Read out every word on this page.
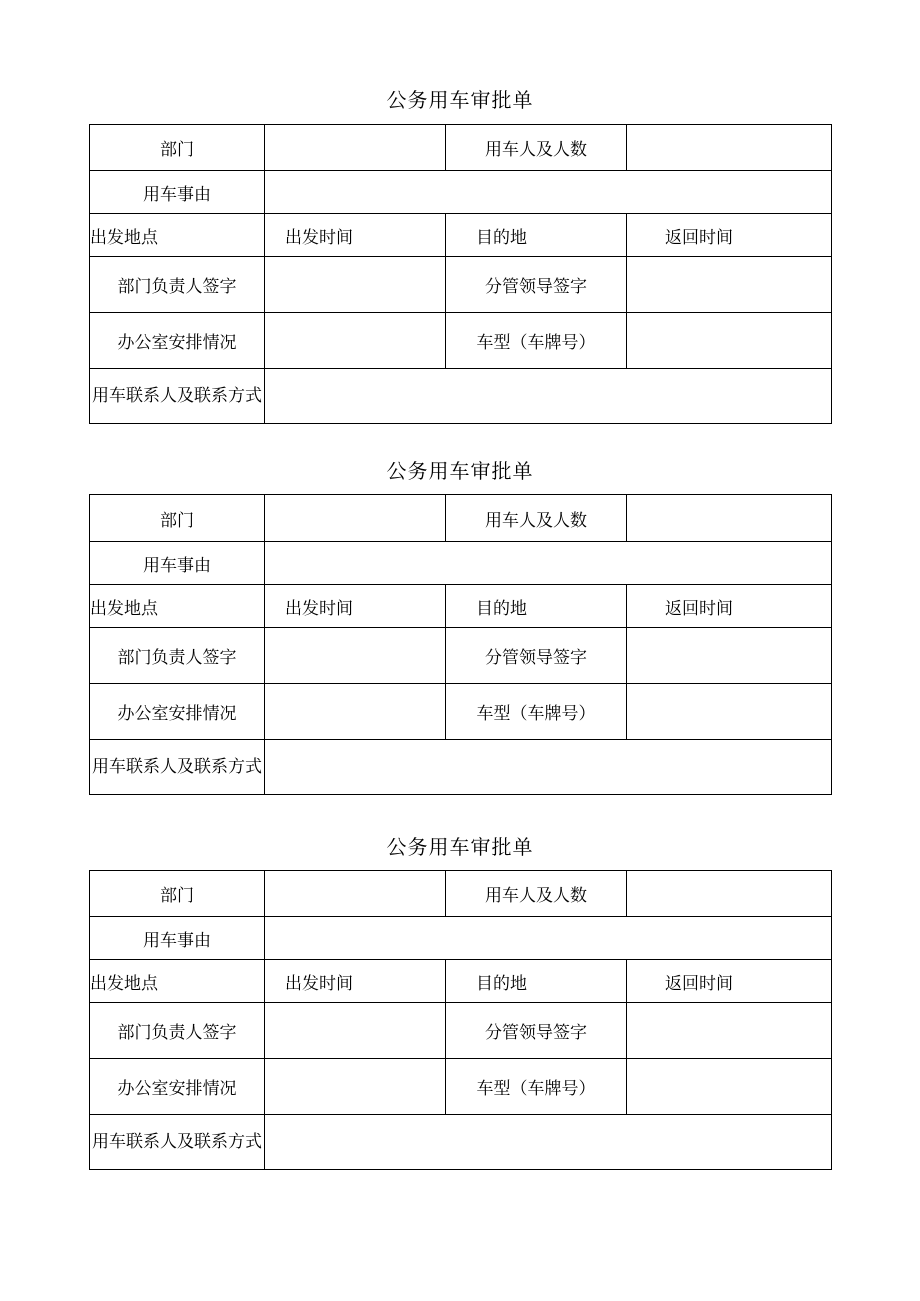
公务用车审批单
部门		用车人及人数	
用车事由			
出发地点	出发时间	目的地	返回时间
部门负责人签字		分管领导签字	
办公室安排情况		车型（车牌号）	
用车联系人及联系方式			
公务用车审批单
部门		用车人及人数	
用车事由			
出发地点	出发时间	目的地	返回时间
部门负责人签字		分管领导签字	
办公室安排情况		车型（车牌号）	
用车联系人及联系方式			
公务用车审批单
部门		用车人及人数	
用车事由			
出发地点	出发时间	目的地	返回时间
部门负责人签字		分管领导签字	
办公室安排情况		车型（车牌号）	
用车联系人及联系方式			
